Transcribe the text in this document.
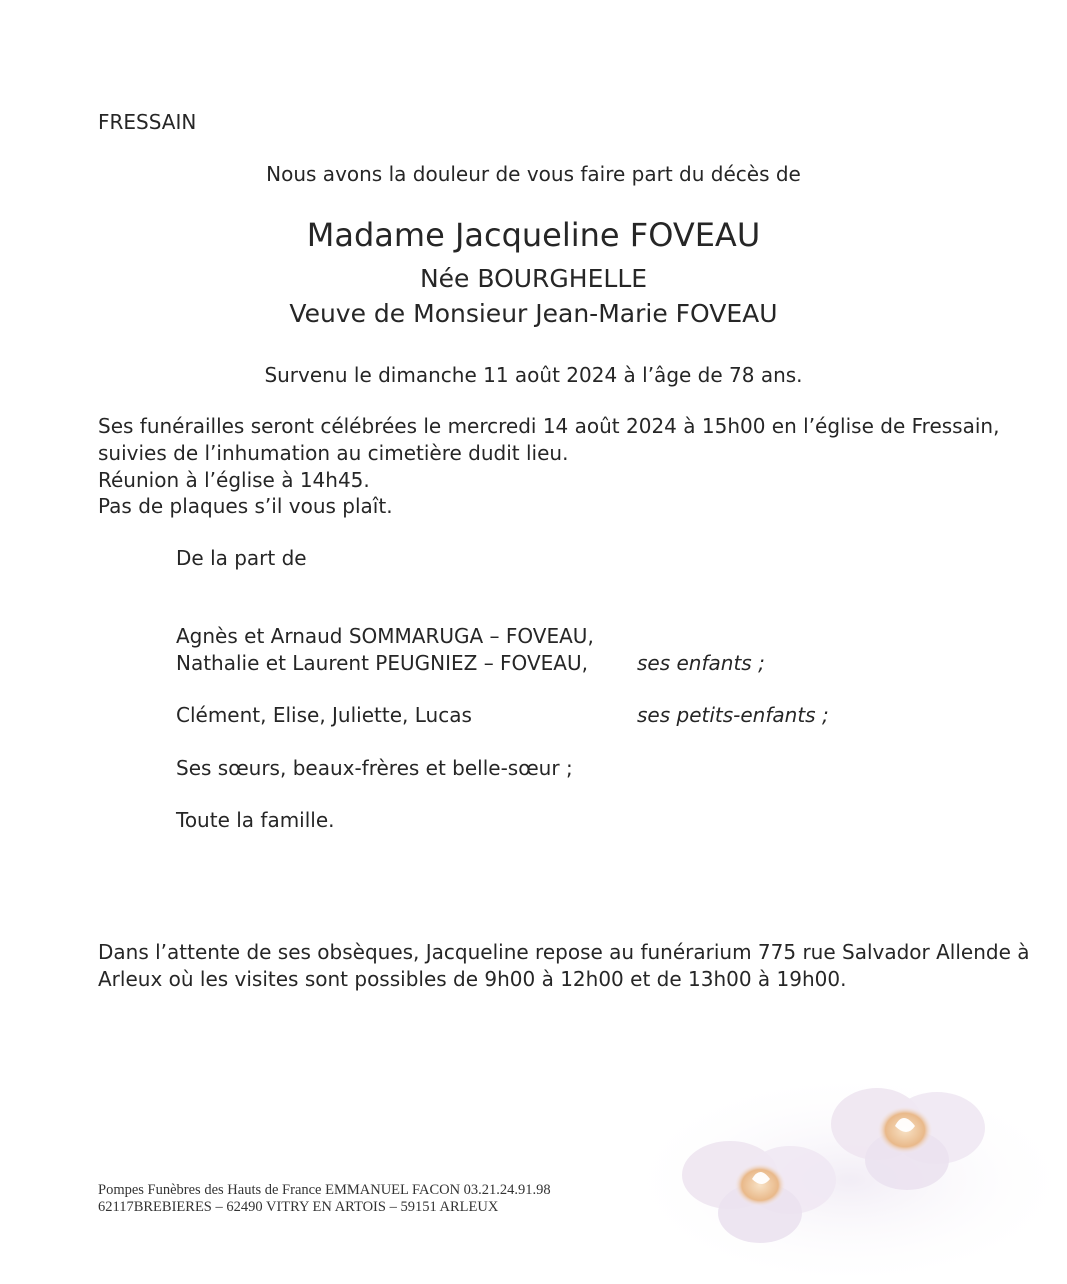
FRESSAIN
Nous avons la douleur de vous faire part du décès de
Madame Jacqueline FOVEAU
Née BOURGHELLE
Veuve de Monsieur Jean-Marie FOVEAU
Survenu le dimanche 11 août 2024 à l’âge de 78 ans.
Ses funérailles seront célébrées le mercredi 14 août 2024 à 15h00 en l’église de Fressain,
suivies de l’inhumation au cimetière dudit lieu.
Réunion à l’église à 14h45.
Pas de plaques s’il vous plaît.
De la part de
Agnès et Arnaud SOMMARUGA – FOVEAU,
Nathalie et Laurent PEUGNIEZ – FOVEAU, ses enfants ;
Clément, Elise, Juliette, Lucas	ses petits-enfants ;
Ses sœurs, beaux-frères et belle-sœur ;
Toute la famille.
Dans l’attente de ses obsèques, Jacqueline repose au funérarium 775 rue Salvador Allende à
Arleux où les visites sont possibles de 9h00 à 12h00 et de 13h00 à 19h00.
Pompes Funèbres des Hauts de France EMMANUEL FACON 03.21.24.91.98
62117BREBIERES – 62490 VITRY EN ARTOIS – 59151 ARLEUX
